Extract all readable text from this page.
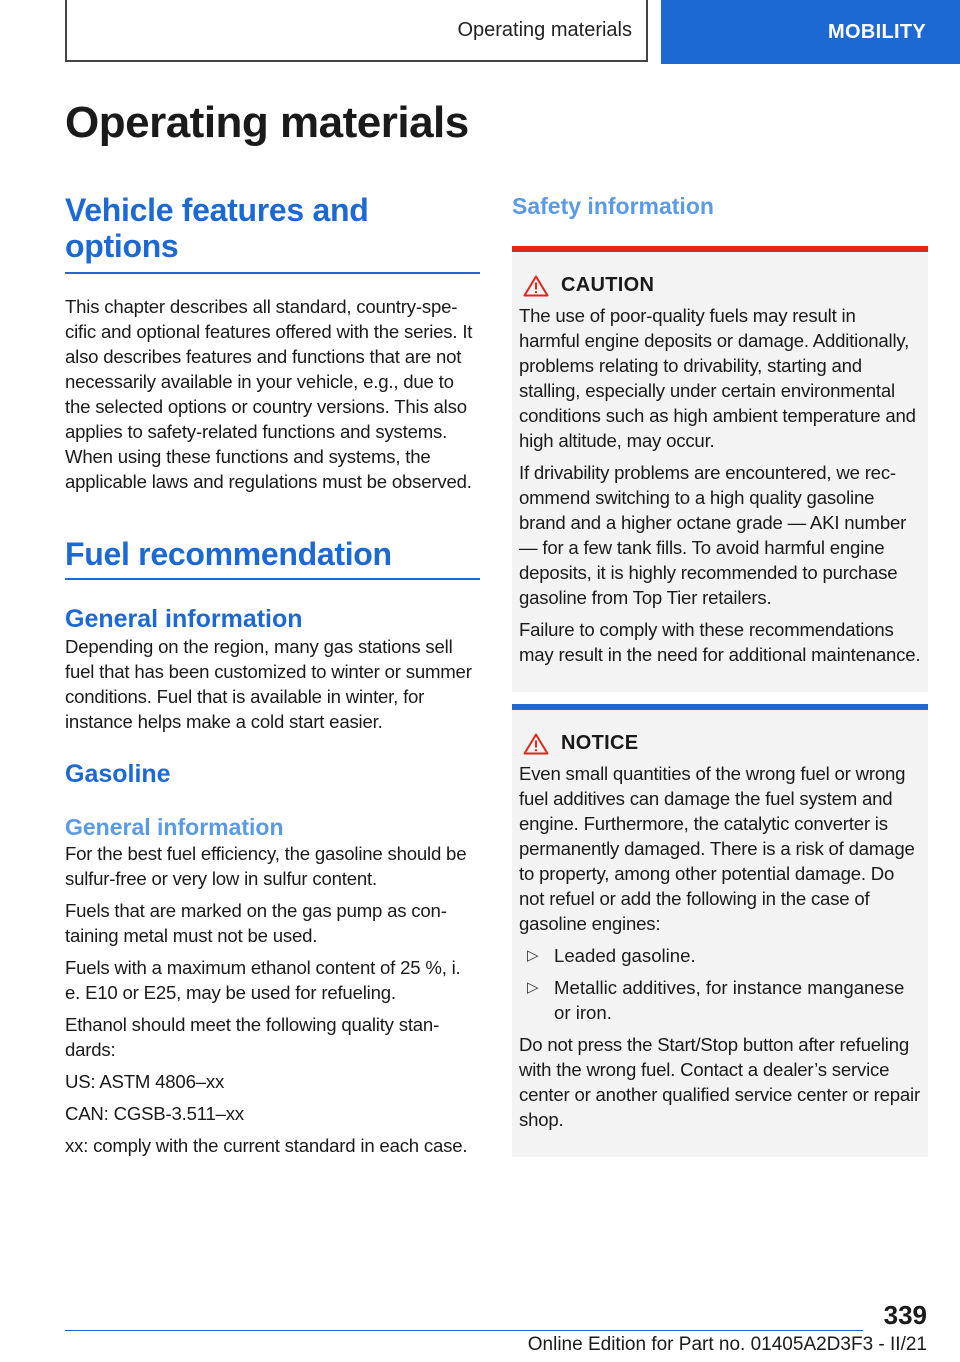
Operating materials	MOBILITY
Operating materials
Vehicle features and options

This chapter describes all standard, country-specific and optional features offered with the series. It also describes features and functions that are not necessarily available in your vehicle, e.g., due to the selected options or country versions. This also applies to safety-related functions and systems. When using these functions and systems, the applicable laws and regulations must be observed.

Fuel recommendation
General information

Depending on the region, many gas stations sell fuel that has been customized to winter or summer conditions. Fuel that is available in winter, for instance helps make a cold start easier.

Gasoline
General information

For the best fuel efficiency, the gasoline should be sulfur-free or very low in sulfur content.

Fuels that are marked on the gas pump as containing metal must not be used.

Fuels with a maximum ethanol content of 25 %, i. e. E10 or E25, may be used for refueling.

Ethanol should meet the following quality standards:

US: ASTM 4806–xx

CAN: CGSB-3.511–xx

xx: comply with the current standard in each case.

Safety information
CAUTION

The use of poor-quality fuels may result in harmful engine deposits or damage. Additionally, problems relating to drivability, starting and stalling, especially under certain environmental conditions such as high ambient temperature and high altitude, may occur.

If drivability problems are encountered, we recommend switching to a high quality gasoline brand and a higher octane grade — AKI number — for a few tank fills. To avoid harmful engine deposits, it is highly recommended to purchase gasoline from Top Tier retailers.

Failure to comply with these recommendations may result in the need for additional maintenance.

NOTICE

Even small quantities of the wrong fuel or wrong fuel additives can damage the fuel system and engine. Furthermore, the catalytic converter is permanently damaged. There is a risk of damage to property, among other potential damage. Do not refuel or add the following in the case of gasoline engines:

▷ Leaded gasoline.
▷ Metallic additives, for instance manganese or iron.

Do not press the Start/Stop button after refueling with the wrong fuel. Contact a dealer’s service center or another qualified service center or repair shop.

339
Online Edition for Part no. 01405A2D3F3 - II/21
